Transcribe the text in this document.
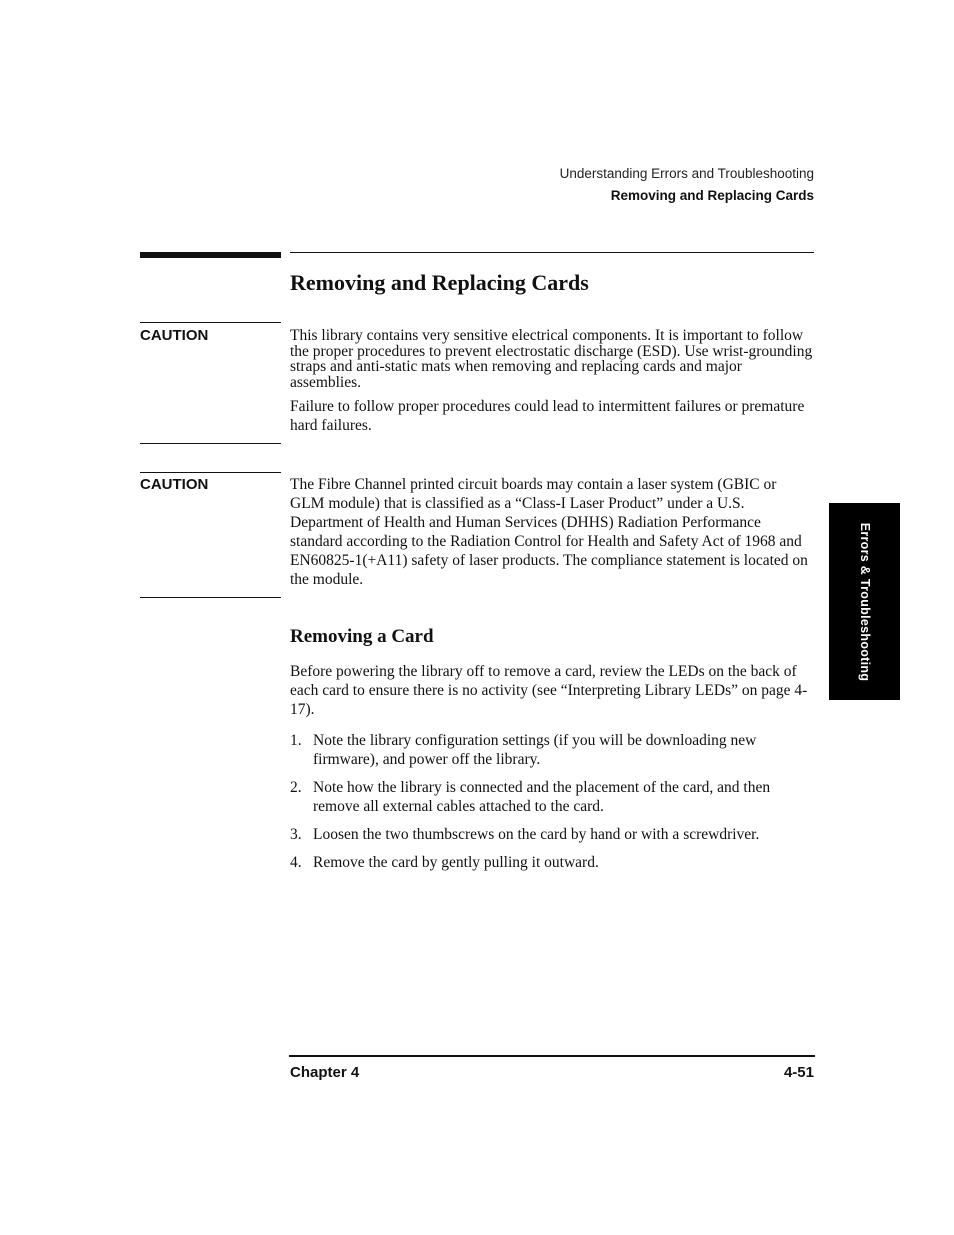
Understanding Errors and Troubleshooting
Removing and Replacing Cards
Removing and Replacing Cards
CAUTION	This library contains very sensitive electrical components. It is important to follow the proper procedures to prevent electrostatic discharge (ESD). Use wrist-grounding straps and anti-static mats when removing and replacing cards and major assemblies.
Failure to follow proper procedures could lead to intermittent failures or premature hard failures.
CAUTION	The Fibre Channel printed circuit boards may contain a laser system (GBIC or GLM module) that is classified as a “Class-I Laser Product” under a U.S. Department of Health and Human Services (DHHS) Radiation Performance standard according to the Radiation Control for Health and Safety Act of 1968 and EN60825-1(+A11) safety of laser products. The compliance statement is located on the module.
Removing a Card
Before powering the library off to remove a card, review the LEDs on the back of each card to ensure there is no activity (see “Interpreting Library LEDs” on page 4-17).
1. Note the library configuration settings (if you will be downloading new firmware), and power off the library.
2. Note how the library is connected and the placement of the card, and then remove all external cables attached to the card.
3. Loosen the two thumbscrews on the card by hand or with a screwdriver.
4. Remove the card by gently pulling it outward.
Errors & Troubleshooting
Chapter 4	4-51
